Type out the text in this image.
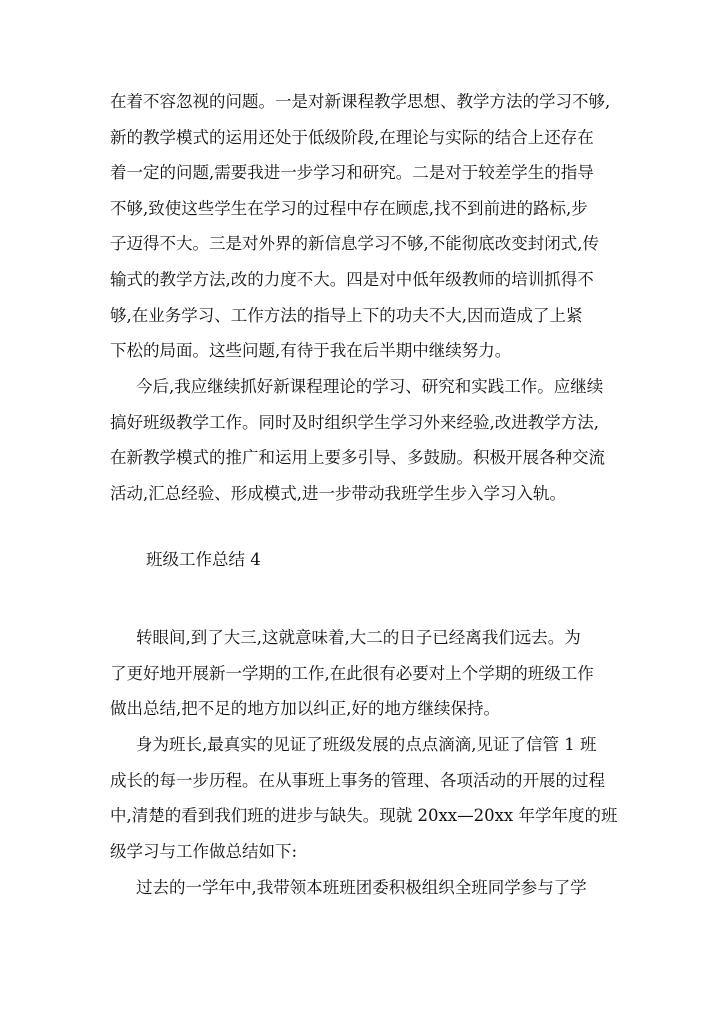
在着不容忽视的问题。一是对新课程教学思想、教学方法的学习不够,
新的教学模式的运用还处于低级阶段,在理论与实际的结合上还存在
着一定的问题,需要我进一步学习和研究。二是对于较差学生的指导
不够,致使这些学生在学习的过程中存在顾虑,找不到前进的路标,步
子迈得不大。三是对外界的新信息学习不够,不能彻底改变封闭式,传
输式的教学方法,改的力度不大。四是对中低年级教师的培训抓得不
够,在业务学习、工作方法的指导上下的功夫不大,因而造成了上紧
下松的局面。这些问题,有待于我在后半期中继续努力。
今后,我应继续抓好新课程理论的学习、研究和实践工作。应继续
搞好班级教学工作。同时及时组织学生学习外来经验,改进教学方法,
在新教学模式的推广和运用上要多引导、多鼓励。积极开展各种交流
活动,汇总经验、形成模式,进一步带动我班学生步入学习入轨。
班级工作总结 4
转眼间,到了大三,这就意味着,大二的日子已经离我们远去。为
了更好地开展新一学期的工作,在此很有必要对上个学期的班级工作
做出总结,把不足的地方加以纠正,好的地方继续保持。
身为班长,最真实的见证了班级发展的点点滴滴,见证了信管 1 班
成长的每一步历程。在从事班上事务的管理、各项活动的开展的过程
中,清楚的看到我们班的进步与缺失。现就 20xx—20xx 年学年度的班
级学习与工作做总结如下:
过去的一学年中,我带领本班班团委积极组织全班同学参与了学
